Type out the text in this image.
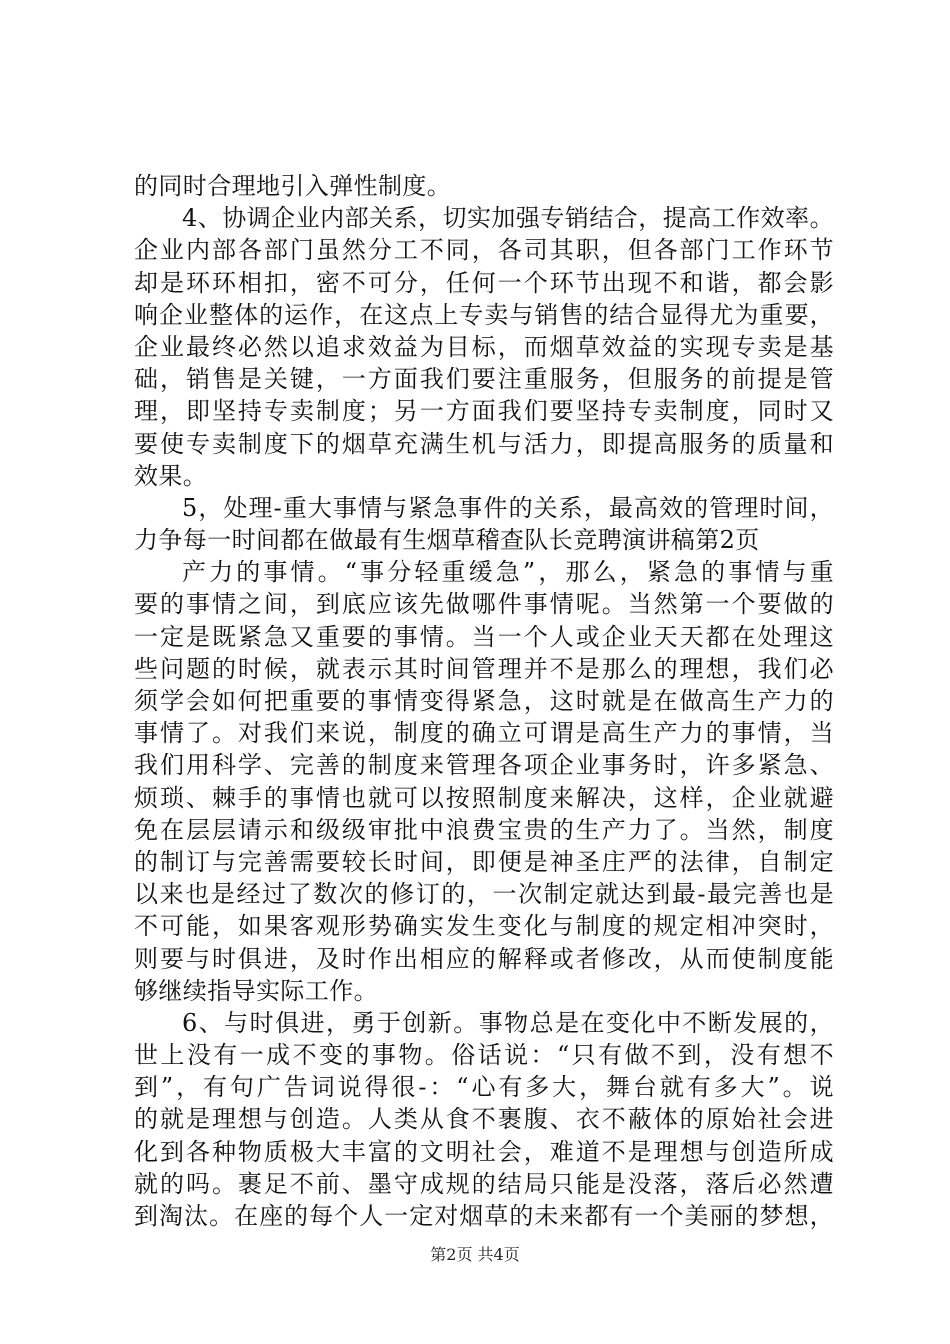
的同时合理地引入弹性制度。
4、协调企业内部关系，切实加强专销结合，提高工作效率。
企业内部各部门虽然分工不同，各司其职，但各部门工作环节
却是环环相扣，密不可分，任何一个环节出现不和谐，都会影
响企业整体的运作，在这点上专卖与销售的结合显得尤为重要，
企业最终必然以追求效益为目标，而烟草效益的实现专卖是基
础，销售是关键，一方面我们要注重服务，但服务的前提是管
理，即坚持专卖制度；另一方面我们要坚持专卖制度，同时又
要使专卖制度下的烟草充满生机与活力，即提高服务的质量和
效果。
5，处理-重大事情与紧急事件的关系，最高效的管理时间，
力争每一时间都在做最有生烟草稽查队长竞聘演讲稿第2页
产力的事情。“事分轻重缓急”，那么，紧急的事情与重
要的事情之间，到底应该先做哪件事情呢。当然第一个要做的
一定是既紧急又重要的事情。当一个人或企业天天都在处理这
些问题的时候，就表示其时间管理并不是那么的理想，我们必
须学会如何把重要的事情变得紧急，这时就是在做高生产力的
事情了。对我们来说，制度的确立可谓是高生产力的事情，当
我们用科学、完善的制度来管理各项企业事务时，许多紧急、
烦琐、棘手的事情也就可以按照制度来解决，这样，企业就避
免在层层请示和级级审批中浪费宝贵的生产力了。当然，制度
的制订与完善需要较长时间，即便是神圣庄严的法律，自制定
以来也是经过了数次的修订的，一次制定就达到最-最完善也是
不可能，如果客观形势确实发生变化与制度的规定相冲突时，
则要与时俱进，及时作出相应的解释或者修改，从而使制度能
够继续指导实际工作。
6、与时俱进，勇于创新。事物总是在变化中不断发展的，
世上没有一成不变的事物。俗话说：“只有做不到，没有想不
到”，有句广告词说得很-：“心有多大，舞台就有多大”。说
的就是理想与创造。人类从食不裹腹、衣不蔽体的原始社会进
化到各种物质极大丰富的文明社会，难道不是理想与创造所成
就的吗。裹足不前、墨守成规的结局只能是没落，落后必然遭
到淘汰。在座的每个人一定对烟草的未来都有一个美丽的梦想，
第2页 共4页
